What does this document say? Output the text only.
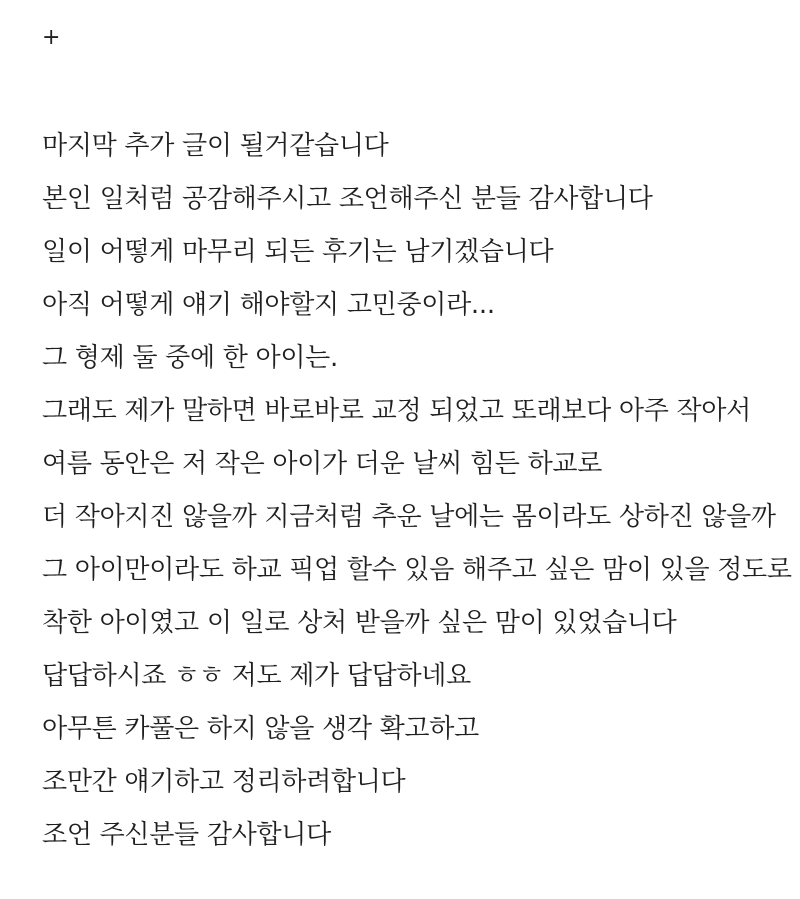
+
마지막 추가 글이 될거같습니다
본인 일처럼 공감해주시고 조언해주신 분들 감사합니다
일이 어떻게 마무리 되든 후기는 남기겠습니다
아직 어떻게 얘기 해야할지 고민중이라...
그 형제 둘 중에 한 아이는.
그래도 제가 말하면 바로바로 교정 되었고 또래보다 아주 작아서
여름 동안은 저 작은 아이가 더운 날씨 힘든 하교로
더 작아지진 않을까 지금처럼 추운 날에는 몸이라도 상하진 않을까
그 아이만이라도 하교 픽업 할수 있음 해주고 싶은 맘이 있을 정도로
착한 아이였고 이 일로 상처 받을까 싶은 맘이 있었습니다
답답하시죠 ㅎㅎ 저도 제가 답답하네요
아무튼 카풀은 하지 않을 생각 확고하고
조만간 얘기하고 정리하려합니다
조언 주신분들 감사합니다
